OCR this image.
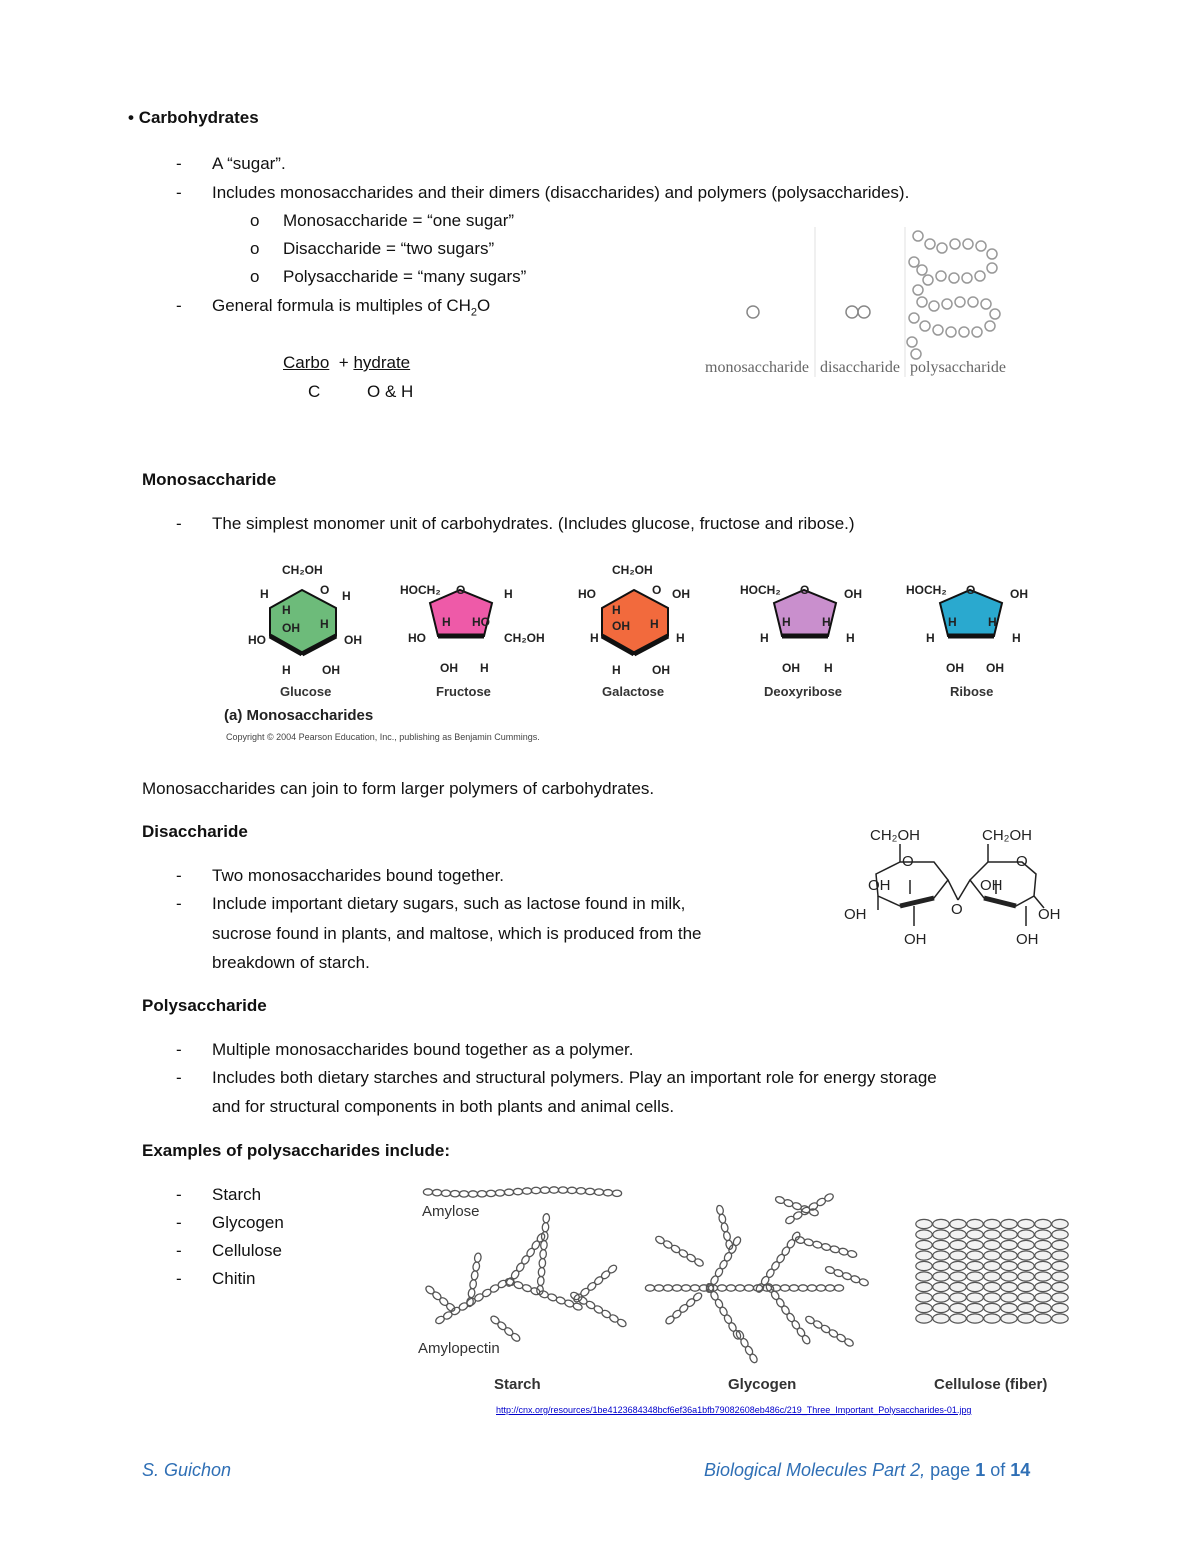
• Carbohydrates
- A “sugar”.
- Includes monosaccharides and their dimers (disaccharides) and polymers (polysaccharides).
o Monosaccharide = “one sugar”
o Disaccharide = “two sugars”
o Polysaccharide = “many sugars”
- General formula is multiples of $CH_2O$
Carbo + hydrate
C	O & H
monosaccharide disaccharide polysaccharide
Monosaccharide
- The simplest monomer unit of carbohydrates. (Includes glucose, fructose and ribose.)
CH₂OH
O
H	H
H
OH H
HO	OH
H	OH
Glucose
HOCH₂ O	H
H HO
HO	CH₂OH
OH H
Fructose
CH₂OH
O
HO	OH
H
OH H
H	H
H	OH
Galactose
HOCH₂ O	OH
H	H
H	H
OH H
Deoxyribose
HOCH₂ O	OH
H	H
H	H
OH OH
Ribose
(a) Monosaccharides
Copyright © 2004 Pearson Education, Inc., publishing as Benjamin Cummings.
Monosaccharides can join to form larger polymers of carbohydrates.
Disaccharide
- Two monosaccharides bound together.
- Include important dietary sugars, such as lactose found in milk,
sucrose found in plants, and maltose, which is produced from the
breakdown of starch.
CH₂OH	CH₂OH
O	O
OH	OH
OH	O	OH
OH	OH
Polysaccharide
- Multiple monosaccharides bound together as a polymer.
- Includes both dietary starches and structural polymers. Play an important role for energy storage
and for structural components in both plants and animal cells.
Examples of polysaccharides include:
- Starch
- Glycogen
- Cellulose
- Chitin
Amylose
Amylopectin
Starch	Glycogen	Cellulose (fiber)
http://cnx.org/resources/1be4123684348bcf6ef36a1bfb79082608eb486c/219_Three_Important_Polysaccharides-01.jpg
S. Guichon	Biological Molecules Part 2, page 1 of 14
